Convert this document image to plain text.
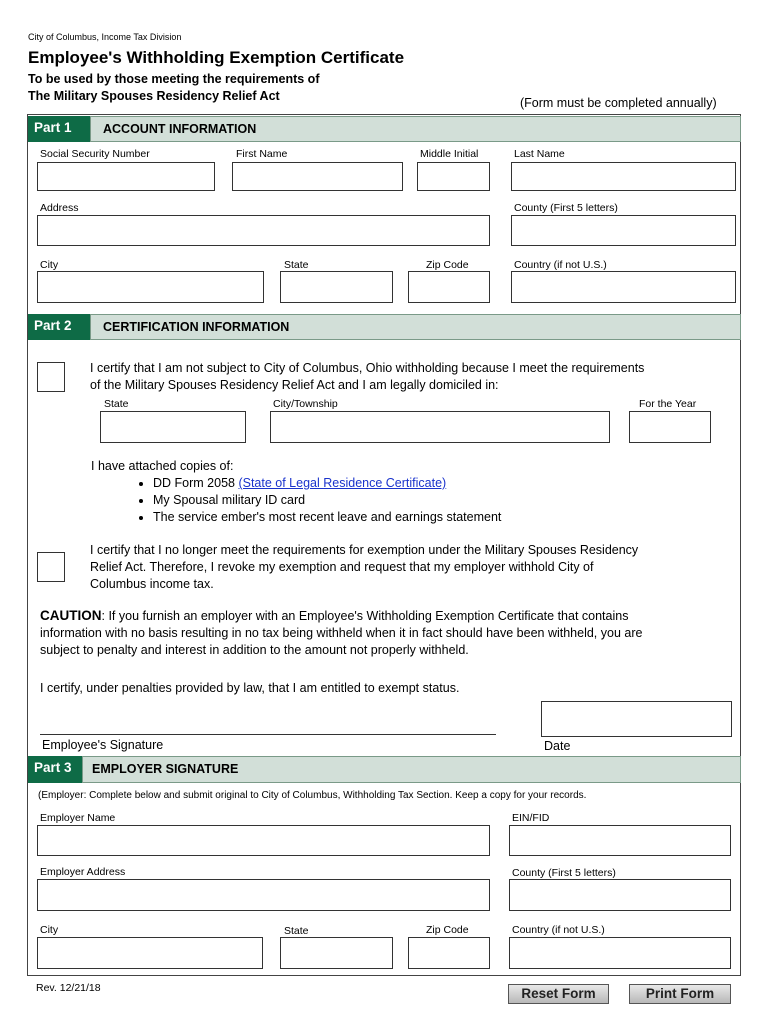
City of Columbus, Income Tax Division
Employee's Withholding Exemption Certificate
To be used by those meeting the requirements of
The Military Spouses Residency Relief Act	(Form must be completed annually)
Part 1	ACCOUNT INFORMATION
Social Security Number	First Name	Middle Initial	Last Name
Address	County (First 5 letters)
City	State	Zip Code	Country (if not U.S.)
Part 2	CERTIFICATION INFORMATION
I certify that I am not subject to City of Columbus, Ohio withholding because I meet the requirements
of the Military Spouses Residency Relief Act and I am legally domiciled in:
State	City/Township	For the Year
I have attached copies of:
• DD Form 2058 (State of Legal Residence Certificate)
• My Spousal military ID card
• The service ember's most recent leave and earnings statement
I certify that I no longer meet the requirements for exemption under the Military Spouses Residency
Relief Act. Therefore, I revoke my exemption and request that my employer withhold City of
Columbus income tax.
CAUTION: If you furnish an employer with an Employee's Withholding Exemption Certificate that contains
information with no basis resulting in no tax being withheld when it in fact should have been withheld, you are
subject to penalty and interest in addition to the amount not properly withheld.
I certify, under penalties provided by law, that I am entitled to exempt status.
Employee's Signature	Date
Part 3	EMPLOYER SIGNATURE
(Employer: Complete below and submit original to City of Columbus, Withholding Tax Section. Keep a copy for your records.
Employer Name	EIN/FID
Employer Address	County (First 5 letters)
City	State	Zip Code	Country (if not U.S.)
Rev. 12/21/18	Reset Form	Print Form
